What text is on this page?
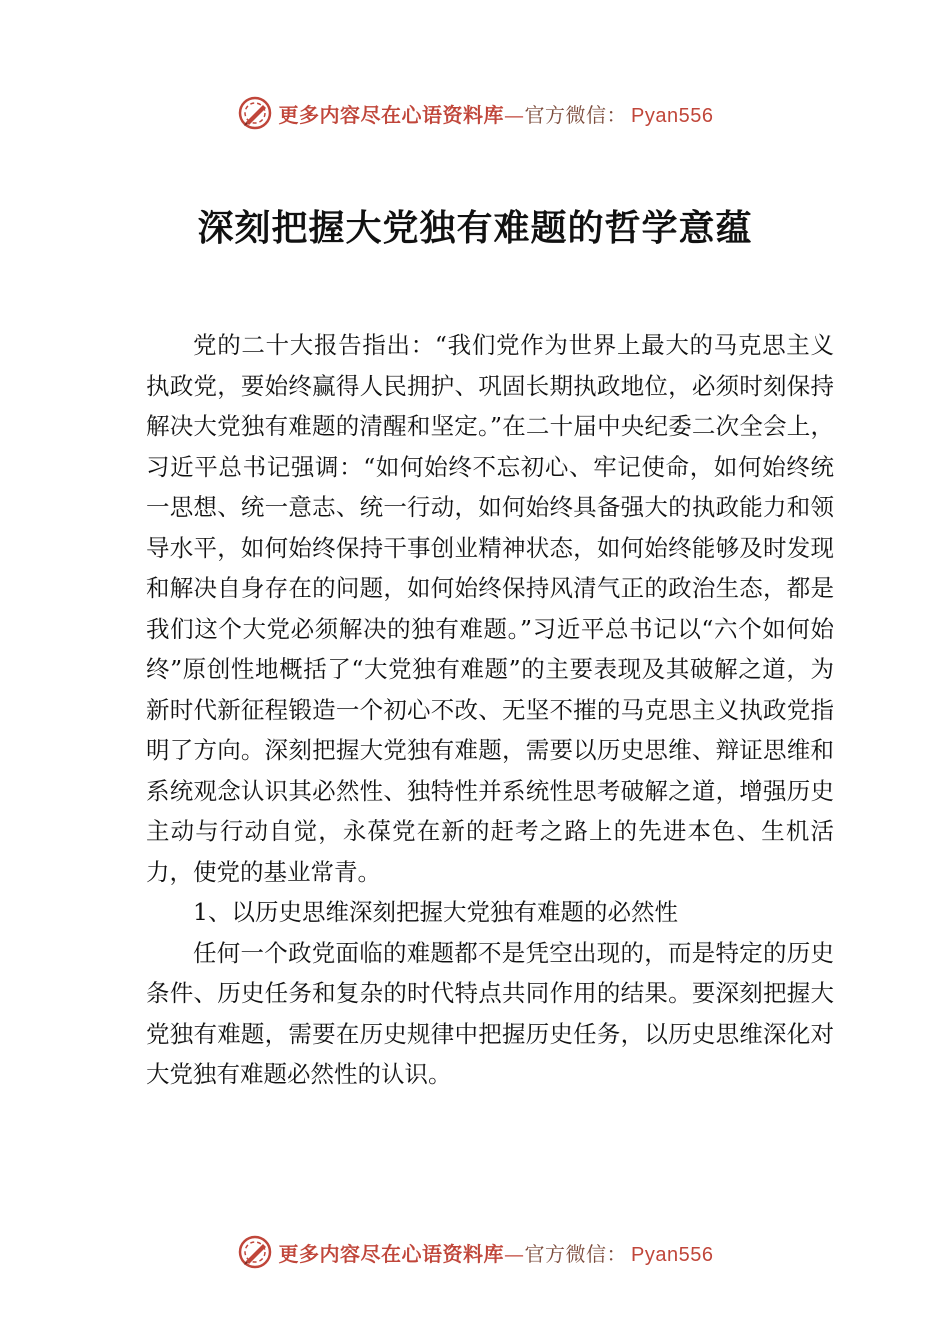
更多内容尽在心语资料库—官方微信： Pyan556
深刻把握大党独有难题的哲学意蕴

党的二十大报告指出：“我们党作为世界上最大的马克思主义执政党，要始终赢得人民拥护、巩固长期执政地位，必须时刻保持解决大党独有难题的清醒和坚定。”在二十届中央纪委二次全会上，习近平总书记强调：“如何始终不忘初心、牢记使命，如何始终统一思想、统一意志、统一行动，如何始终具备强大的执政能力和领导水平，如何始终保持干事创业精神状态，如何始终能够及时发现和解决自身存在的问题，如何始终保持风清气正的政治生态，都是我们这个大党必须解决的独有难题。”习近平总书记以“六个如何始终”原创性地概括了“大党独有难题”的主要表现及其破解之道，为新时代新征程锻造一个初心不改、无坚不摧的马克思主义执政党指明了方向。深刻把握大党独有难题，需要以历史思维、辩证思维和系统观念认识其必然性、独特性并系统性思考破解之道，增强历史主动与行动自觉，永葆党在新的赶考之路上的先进本色、生机活力，使党的基业常青。

1、以历史思维深刻把握大党独有难题的必然性

任何一个政党面临的难题都不是凭空出现的，而是特定的历史条件、历史任务和复杂的时代特点共同作用的结果。要深刻把握大党独有难题，需要在历史规律中把握历史任务，以历史思维深化对大党独有难题必然性的认识。

更多内容尽在心语资料库—官方微信： Pyan556
